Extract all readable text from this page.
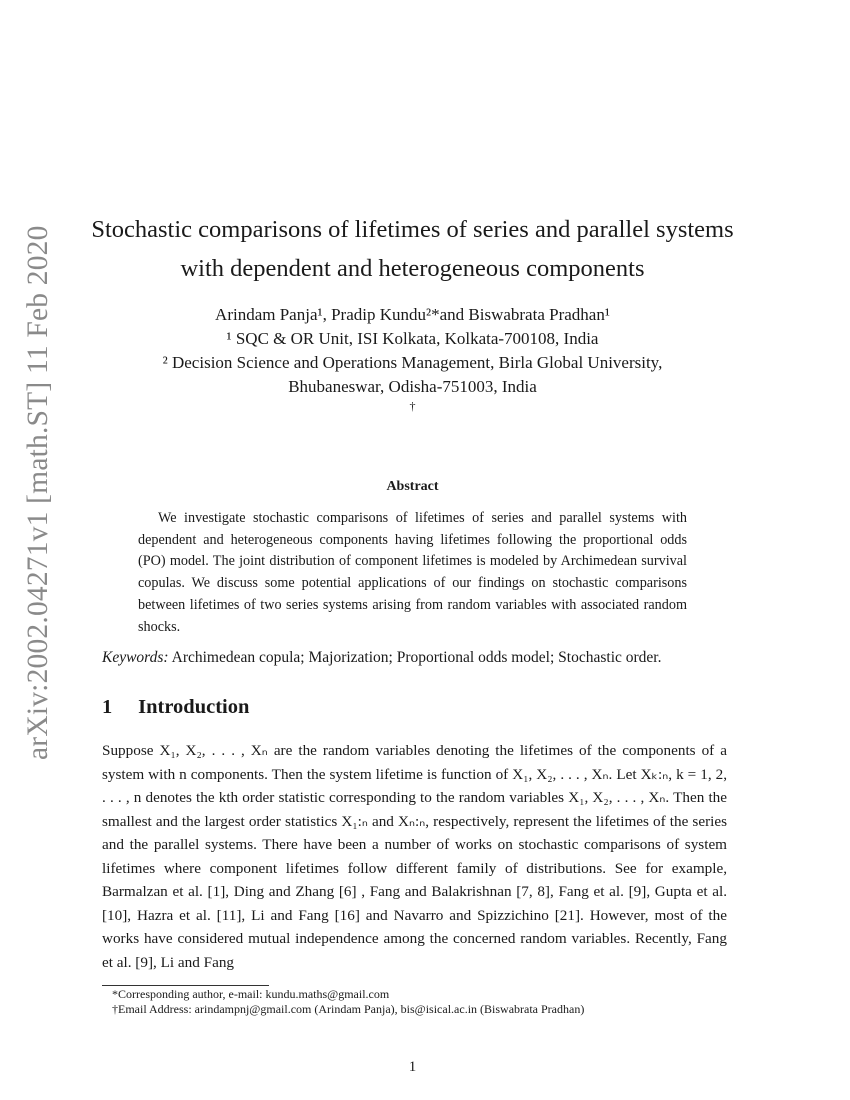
arXiv:2002.04271v1 [math.ST] 11 Feb 2020	Stochastic comparisons of lifetimes of series and parallel systems
with dependent and heterogeneous components
Arindam Panja¹, Pradip Kundu²*and Biswabrata Pradhan¹
¹ SQC & OR Unit, ISI Kolkata, Kolkata-700108, India
² Decision Science and Operations Management, Birla Global University,
Bhubaneswar, Odisha-751003, India
†
Abstract

We investigate stochastic comparisons of lifetimes of series and parallel systems with dependent and heterogeneous components having lifetimes following the proportional odds (PO) model. The joint distribution of component lifetimes is modeled by Archimedean survival copulas. We discuss some potential applications of our findings on stochastic comparisons between lifetimes of two series systems arising from random variables with associated random shocks.

Keywords: Archimedean copula; Majorization; Proportional odds model; Stochastic order.
1 Introduction

Suppose X₁, X₂, . . . , Xₙ are the random variables denoting the lifetimes of the components of a system with n components. Then the system lifetime is function of X₁, X₂, . . . , Xₙ. Let Xₖ:ₙ, k = 1, 2, . . . , n denotes the kth order statistic corresponding to the random variables X₁, X₂, . . . , Xₙ. Then the smallest and the largest order statistics X₁:ₙ and Xₙ:ₙ, respectively, represent the lifetimes of the series and the parallel systems. There have been a number of works on stochastic comparisons of system lifetimes where component lifetimes follow different family of distributions. See for example, Barmalzan et al. [1], Ding and Zhang [6] , Fang and Balakrishnan [7, 8], Fang et al. [9], Gupta et al. [10], Hazra et al. [11], Li and Fang [16] and Navarro and Spizzichino [21]. However, most of the works have considered mutual independence among the concerned random variables. Recently, Fang et al. [9], Li and Fang

*Corresponding author, e-mail: kundu.maths@gmail.com
†Email Address: arindampnj@gmail.com (Arindam Panja), bis@isical.ac.in (Biswabrata Pradhan)
1
